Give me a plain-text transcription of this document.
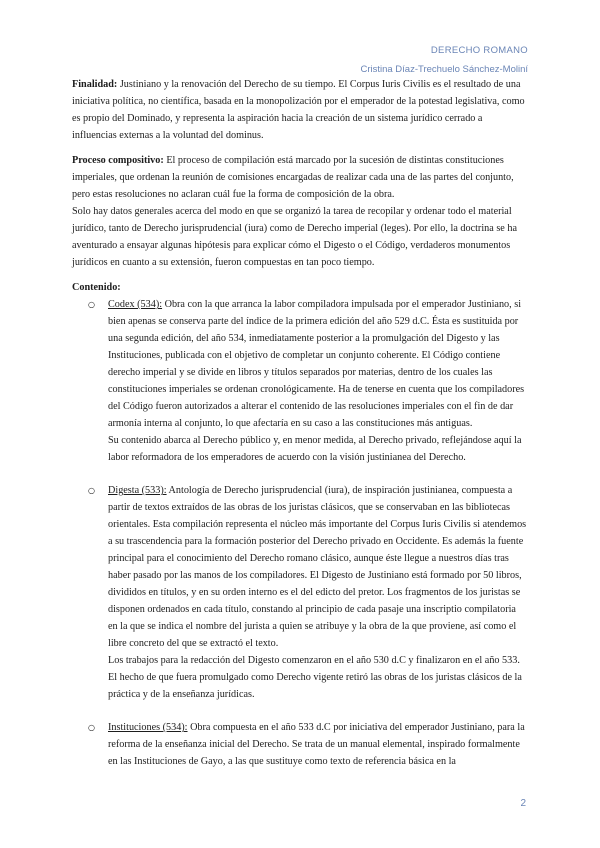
DERECHO ROMANO
Cristina Díaz-Trechuelo Sánchez-Moliní

Finalidad: Justiniano y la renovación del Derecho de su tiempo. El Corpus Iuris Civilis es el resultado de una iniciativa política, no científica, basada en la monopolización por el emperador de la potestad legislativa, como es propio del Dominado, y representa la aspiración hacia la creación de un sistema jurídico cerrado a influencias externas a la voluntad del dominus.

Proceso compositivo: El proceso de compilación está marcado por la sucesión de distintas constituciones imperiales, que ordenan la reunión de comisiones encargadas de realizar cada una de las partes del conjunto, pero estas resoluciones no aclaran cuál fue la forma de composición de la obra.

Solo hay datos generales acerca del modo en que se organizó la tarea de recopilar y ordenar todo el material jurídico, tanto de Derecho jurisprudencial (iura) como de Derecho imperial (leges). Por ello, la doctrina se ha aventurado a ensayar algunas hipótesis para explicar cómo el Digesto o el Código, verdaderos monumentos jurídicos en cuanto a su extensión, fueron compuestas en tan poco tiempo.

Contenido:

○ Codex (534): Obra con la que arranca la labor compiladora impulsada por el emperador Justiniano, si bien apenas se conserva parte del índice de la primera edición del año 529 d.C. Ésta es sustituida por una segunda edición, del año 534, inmediatamente posterior a la promulgación del Digesto y las Instituciones, publicada con el objetivo de completar un conjunto coherente. El Código contiene derecho imperial y se divide en libros y títulos separados por materias, dentro de los cuales las constituciones imperiales se ordenan cronológicamente. Ha de tenerse en cuenta que los compiladores del Código fueron autorizados a alterar el contenido de las resoluciones imperiales con el fin de dar armonía interna al conjunto, lo que afectaría en su caso a las constituciones más antiguas.

Su contenido abarca al Derecho público y, en menor medida, al Derecho privado, reflejándose aquí la labor reformadora de los emperadores de acuerdo con la visión justinianea del Derecho.

○ Digesta (533): Antología de Derecho jurisprudencial (iura), de inspiración justinianea, compuesta a partir de textos extraídos de las obras de los juristas clásicos, que se conservaban en las bibliotecas orientales. Esta compilación representa el núcleo más importante del Corpus Iuris Civilis si atendemos a su trascendencia para la formación posterior del Derecho privado en Occidente. Es además la fuente principal para el conocimiento del Derecho romano clásico, aunque éste llegue a nuestros días tras haber pasado por las manos de los compiladores. El Digesto de Justiniano está formado por 50 libros, divididos en títulos, y en su orden interno es el del edicto del pretor. Los fragmentos de los juristas se disponen ordenados en cada título, constando al principio de cada pasaje una inscriptio compilatoria en la que se indica el nombre del jurista a quien se atribuye y la obra de la que proviene, así como el libre concreto del que se extractó el texto.

Los trabajos para la redacción del Digesto comenzaron en el año 530 d.C y finalizaron en el año 533. El hecho de que fuera promulgado como Derecho vigente retiró las obras de los juristas clásicos de la práctica y de la enseñanza jurídicas.

○ Instituciones (534): Obra compuesta en el año 533 d.C por iniciativa del emperador Justiniano, para la reforma de la enseñanza inicial del Derecho. Se trata de un manual elemental, inspirado formalmente en las Instituciones de Gayo, a las que sustituye como texto de referencia básica en la

2
